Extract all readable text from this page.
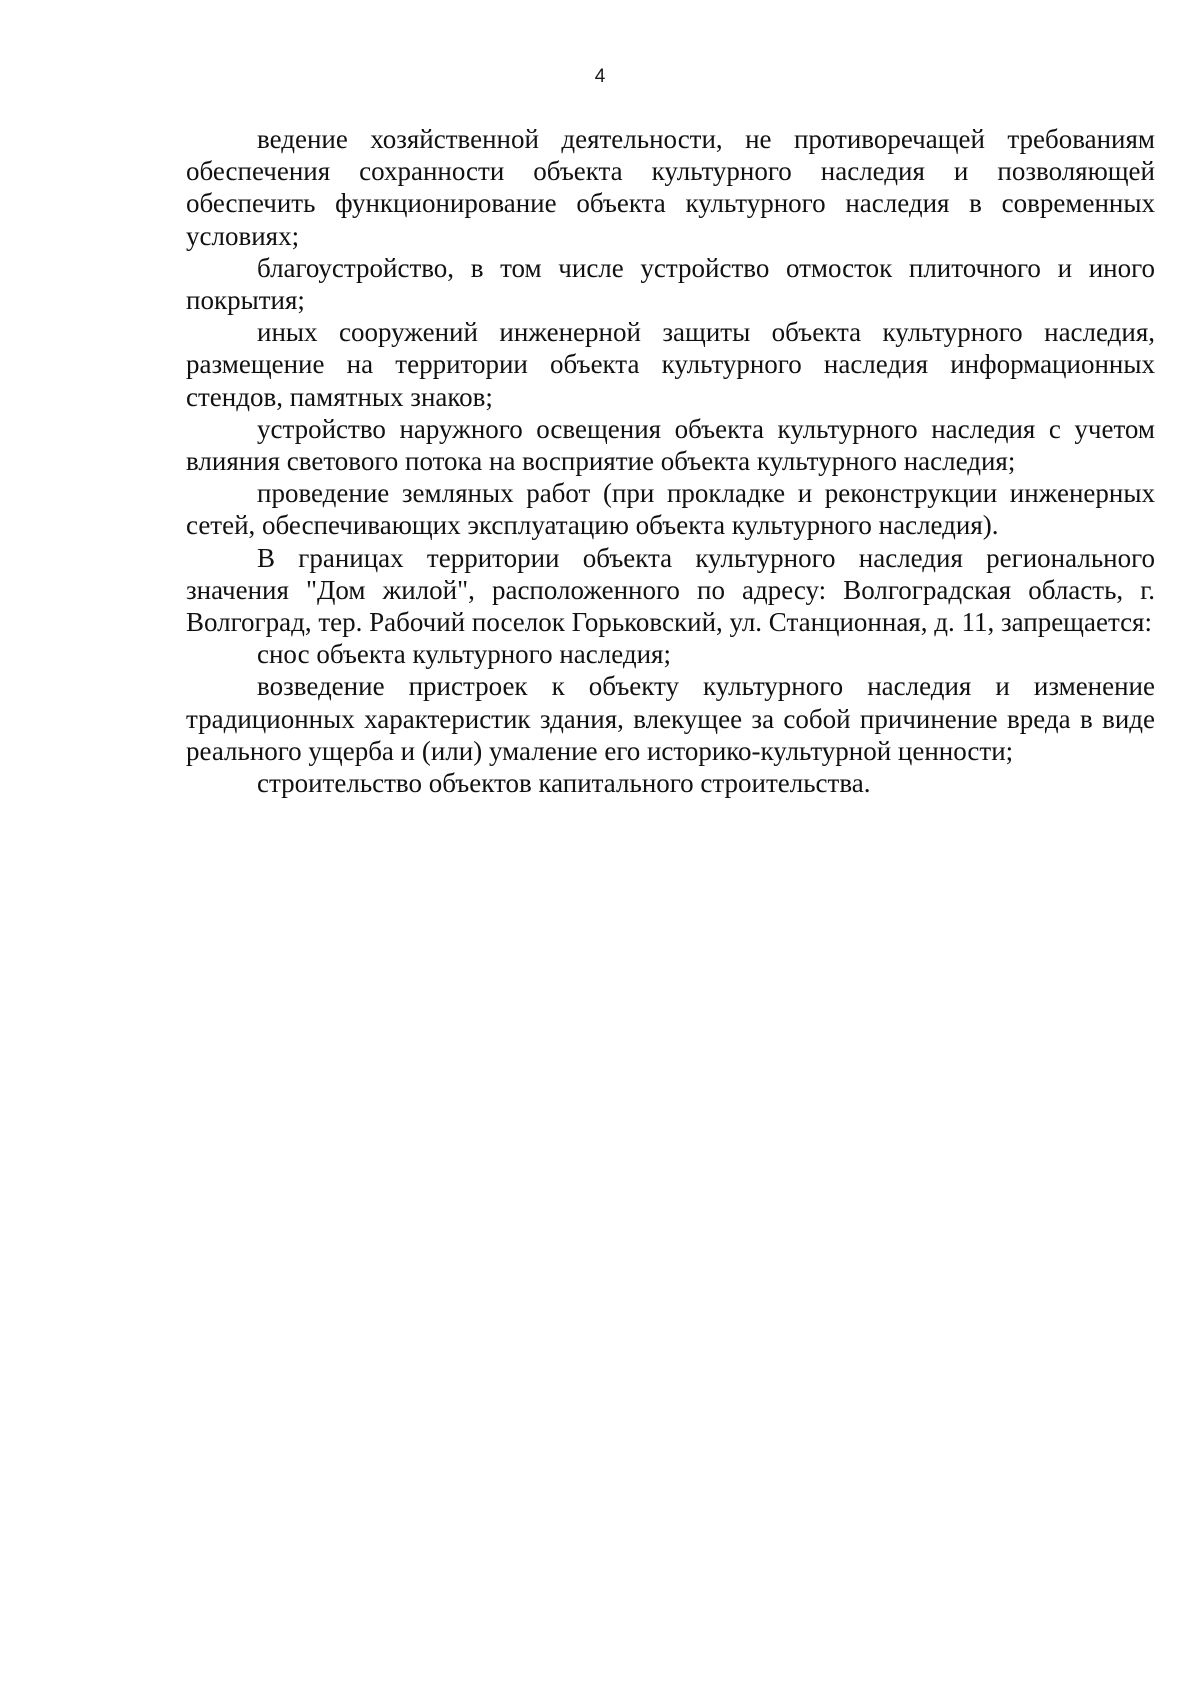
4

ведение хозяйственной деятельности, не противоречащей требованиям обеспечения сохранности объекта культурного наследия и позволяющей обеспечить функционирование объекта культурного наследия в современных условиях;

благоустройство, в том числе устройство отмосток плиточного и иного покрытия;

иных сооружений инженерной защиты объекта культурного наследия, размещение на территории объекта культурного наследия информационных стендов, памятных знаков;

устройство наружного освещения объекта культурного наследия с учетом влияния светового потока на восприятие объекта культурного наследия;

проведение земляных работ (при прокладке и реконструкции инженерных сетей, обеспечивающих эксплуатацию объекта культурного наследия).

В границах территории объекта культурного наследия регионального значения "Дом жилой", расположенного по адресу: Волгоградская область, г. Волгоград, тер. Рабочий поселок Горьковский, ул. Станционная, д. 11, запрещается:

снос объекта культурного наследия;

возведение пристроек к объекту культурного наследия и изменение традиционных характеристик здания, влекущее за собой причинение вреда в виде реального ущерба и (или) умаление его историко-культурной ценности;

строительство объектов капитального строительства.
